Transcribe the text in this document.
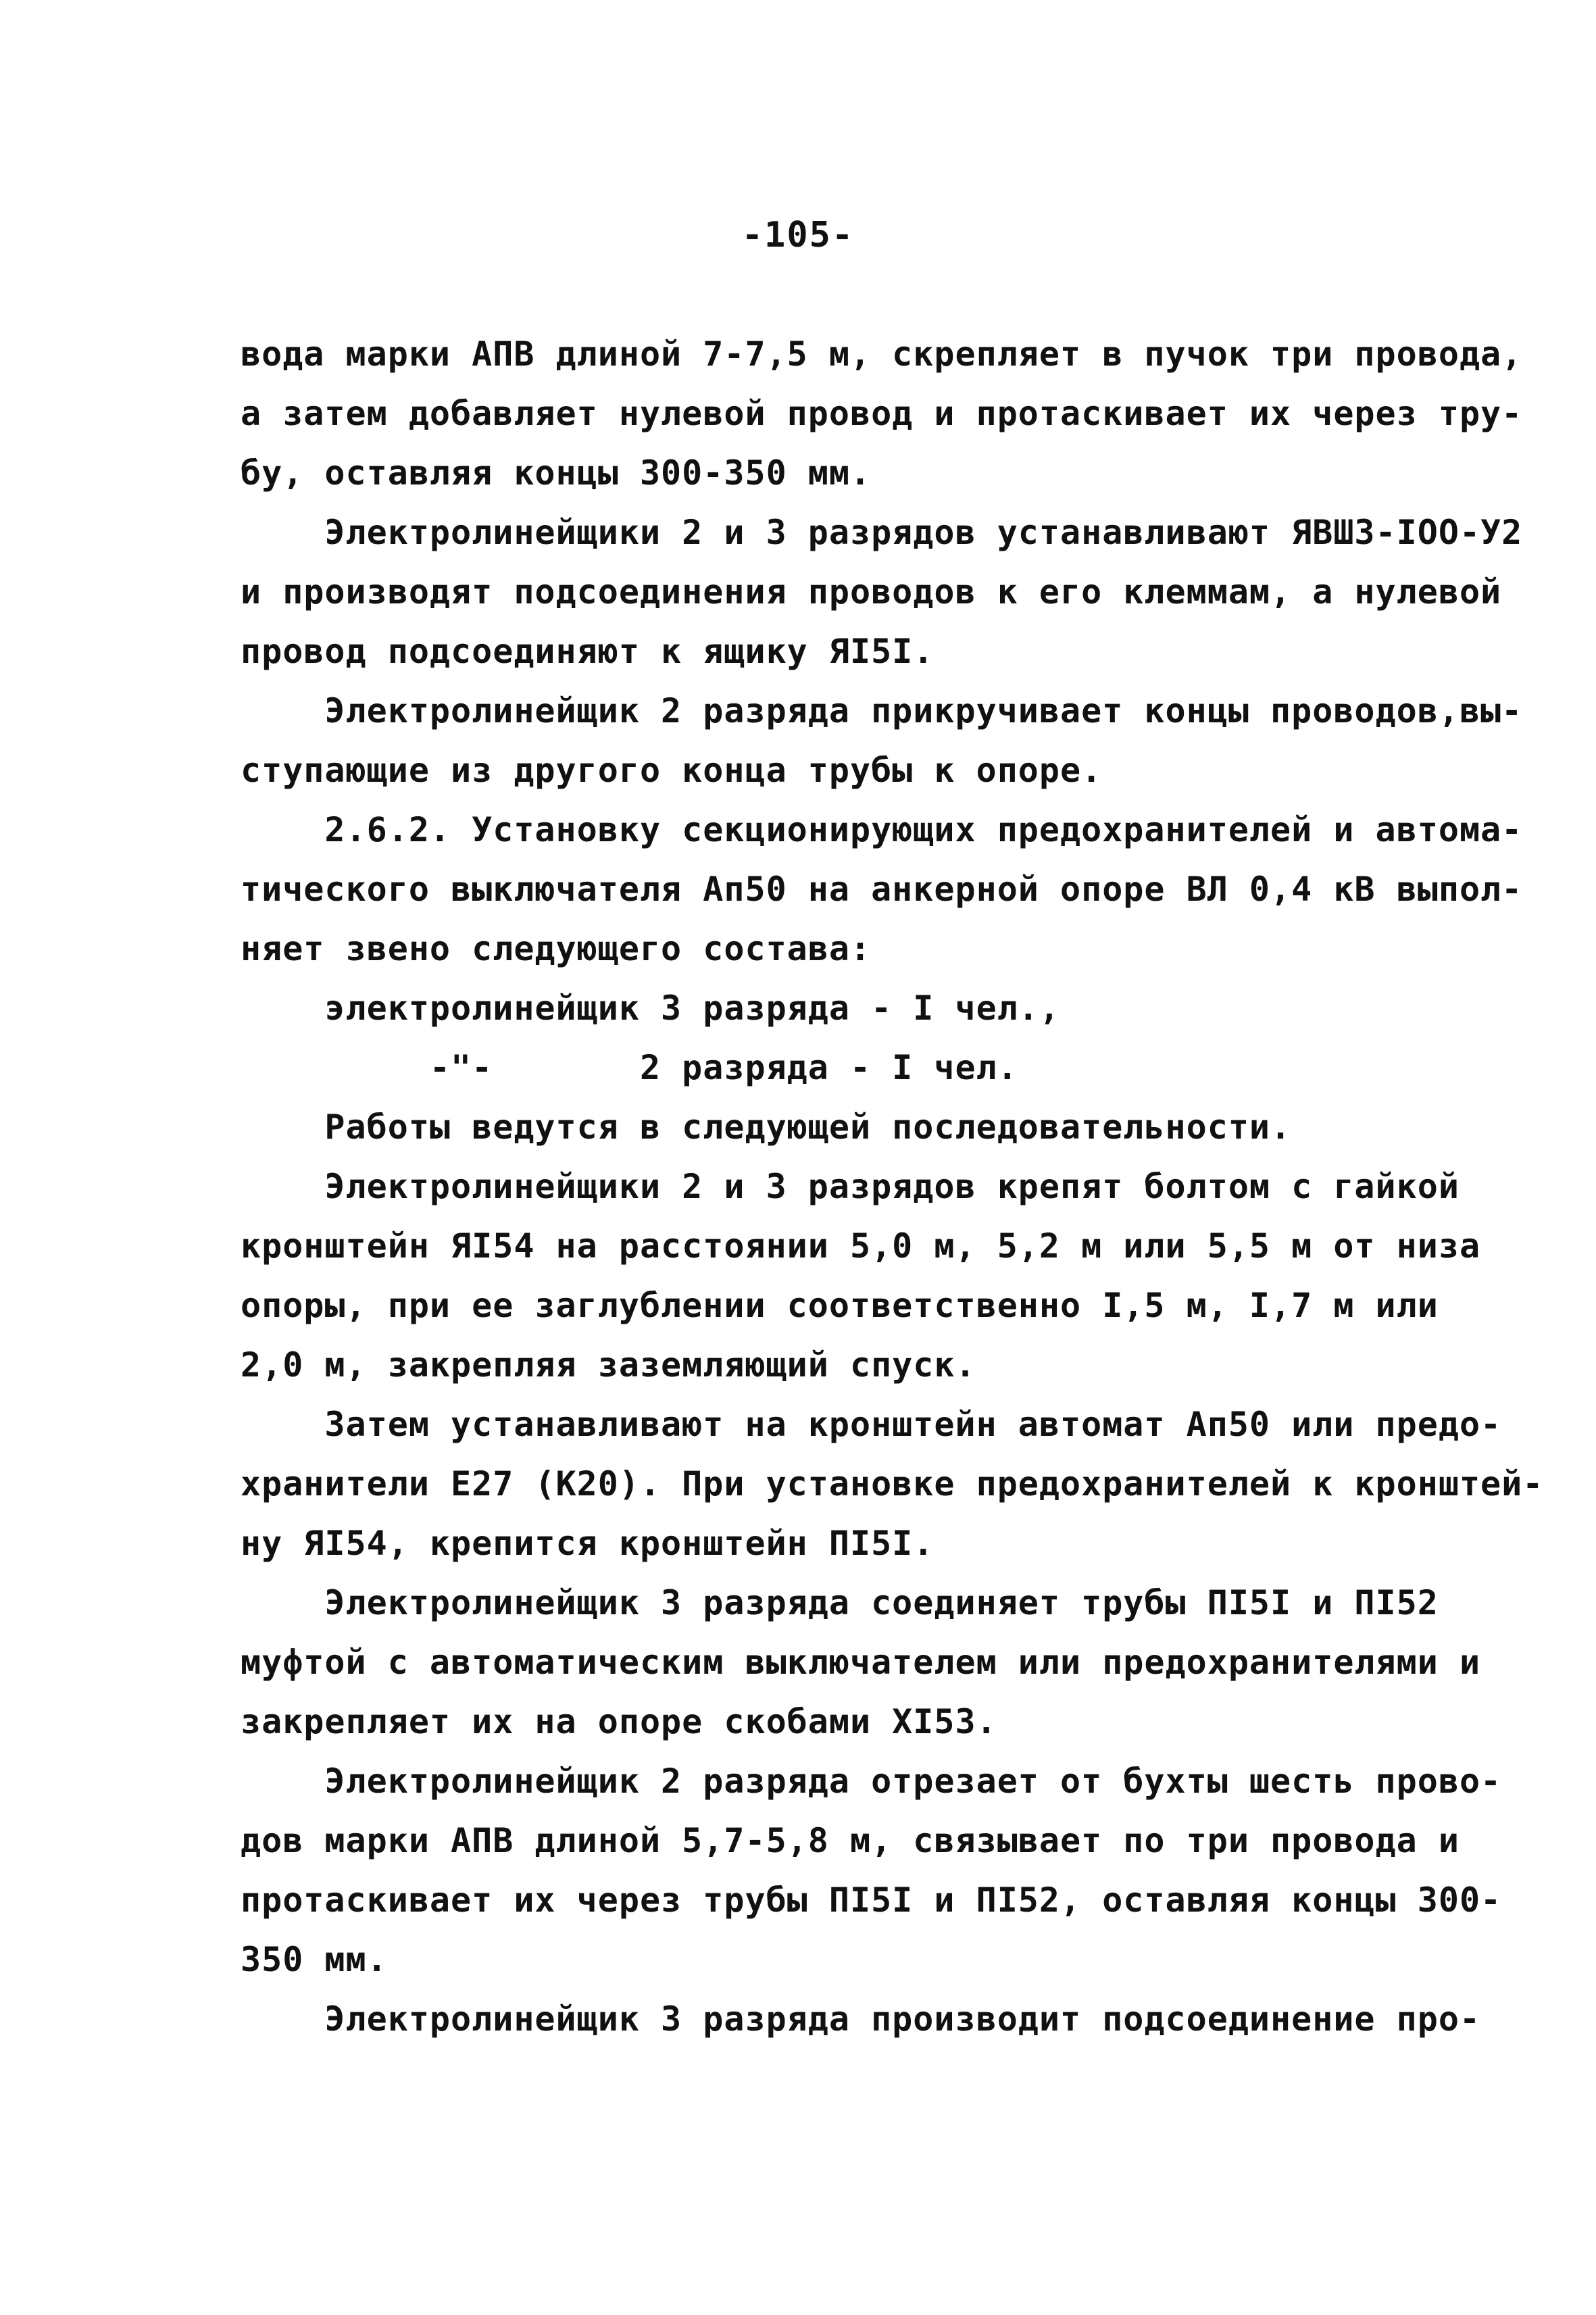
-105-
вода марки АПВ длиной 7-7,5 м, скрепляет в пучок три провода,
а затем добавляет нулевой провод и протаскивает их через тру-
бу, оставляя концы 300-350 мм.
Электролинейщики 2 и 3 разрядов устанавливают ЯВШЗ-IOO-У2
и производят подсоединения проводов к его клеммам, а нулевой
провод подсоединяют к ящику ЯI5I.
Электролинейщик 2 разряда прикручивает концы проводов,вы-
ступающие из другого конца трубы к опоре.
2.6.2. Установку секционирующих предохранителей и автома-
тического выключателя Ап50 на анкерной опоре ВЛ 0,4 кВ выпол-
няет звено следующего состава:
электролинейщик 3 разряда - I чел.,
-"-       2 разряда - I чел.
Работы ведутся в следующей последовательности.
Электролинейщики 2 и 3 разрядов крепят болтом с гайкой
кронштейн ЯI54 на расстоянии 5,0 м, 5,2 м или 5,5 м от низа
опоры, при ее заглублении соответственно I,5 м, I,7 м или
2,0 м, закрепляя заземляющий спуск.
Затем устанавливают на кронштейн автомат Ап50 или предо-
хранители Е27 (К20). При установке предохранителей к кронштей-
ну ЯI54, крепится кронштейн ПI5I.
Электролинейщик 3 разряда соединяет трубы ПI5I и ПI52
муфтой с автоматическим выключателем или предохранителями и
закрепляет их на опоре скобами ХI53.
Электролинейщик 2 разряда отрезает от бухты шесть прово-
дов марки АПВ длиной 5,7-5,8 м, связывает по три провода и
протаскивает их через трубы ПI5I и ПI52, оставляя концы 300-
350 мм.
Электролинейщик 3 разряда производит подсоединение про-
